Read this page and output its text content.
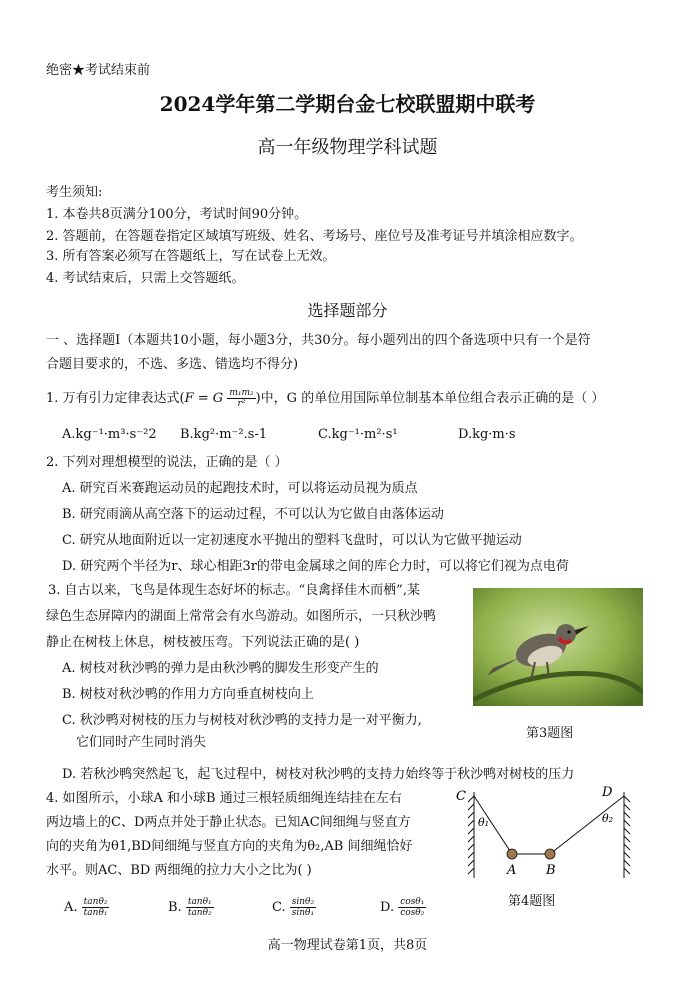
绝密★考试结束前
2024学年第二学期台金七校联盟期中联考
高一年级物理学科试题
考生须知:
1. 本卷共8页满分100分，考试时间90分钟。
2. 答题前，在答题卷指定区域填写班级、姓名、考场号、座位号及准考证号并填涂相应数字。
3. 所有答案必须写在答题纸上，写在试卷上无效。
4. 考试结束后，只需上交答题纸。
选择题部分
一 、选择题Ⅰ（本题共10小题，每小题3分，共30分。每小题列出的四个备选项中只有一个是符
合题目要求的，不选、多选、错选均不得分)
1. 万有引力定律表达式(F = G $\frac{\text{m₁m₂}}{\text{r²}}$ )中，G 的单位用国际单位制基本单位组合表示正确的是（ ）
A.kg⁻¹·m³·s⁻²2 B.kg²·m⁻².s-1	C.kg⁻¹·m²·s¹	D.kg·m·s
2. 下列对理想模型的说法，正确的是（ ）
A. 研究百米赛跑运动员的起跑技术时，可以将运动员视为质点
B. 研究雨滴从高空落下的运动过程，不可以认为它做自由落体运动
C. 研究从地面附近以一定初速度水平抛出的塑料飞盘时，可以认为它做平抛运动
D. 研究两个半径为r、球心相距3r的带电金属球之间的库仑力时，可以将它们视为点电荷
3. 自古以来，飞鸟是体现生态好坏的标志。“良禽择佳木而栖”,某
绿色生态屏障内的湖面上常常会有水鸟游动。如图所示，一只秋沙鸭
静止在树枝上休息，树枝被压弯。下列说法正确的是( )
A. 树枝对秋沙鸭的弹力是由秋沙鸭的脚发生形变产生的
B. 树枝对秋沙鸭的作用力方向垂直树枝向上
C. 秋沙鸭对树枝的压力与树枝对秋沙鸭的支持力是一对平衡力,
它们同时产生同时消失
D. 若秋沙鸭突然起飞，起飞过程中，树枝对秋沙鸭的支持力始终等于秋沙鸭对树枝的压力
第3题图
4. 如图所示，小球A 和小球B 通过三根轻质细绳连结挂在左右
两边墙上的C、D两点并处于静止状态。已知AC间细绳与竖直方
向的夹角为θ1,BD间细绳与竖直方向的夹角为θ₂,AB 间细绳恰好
水平。则AC、BD 两细绳的拉力大小之比为( )
A. $\frac{\text{tanθ₂}}{\text{tanθ₁}}$	B. $\frac{\text{tanθ₁}}{\text{tanθ₂}}$	C. $\frac{\text{sinθ₂}}{\text{sinθ₁}}$	D. $\frac{\text{cosθ₁}}{\text{cosθ₂}}$
C	D
A B
θ₁	θ₂
第4题图
高一物理试卷第1页，共8页
